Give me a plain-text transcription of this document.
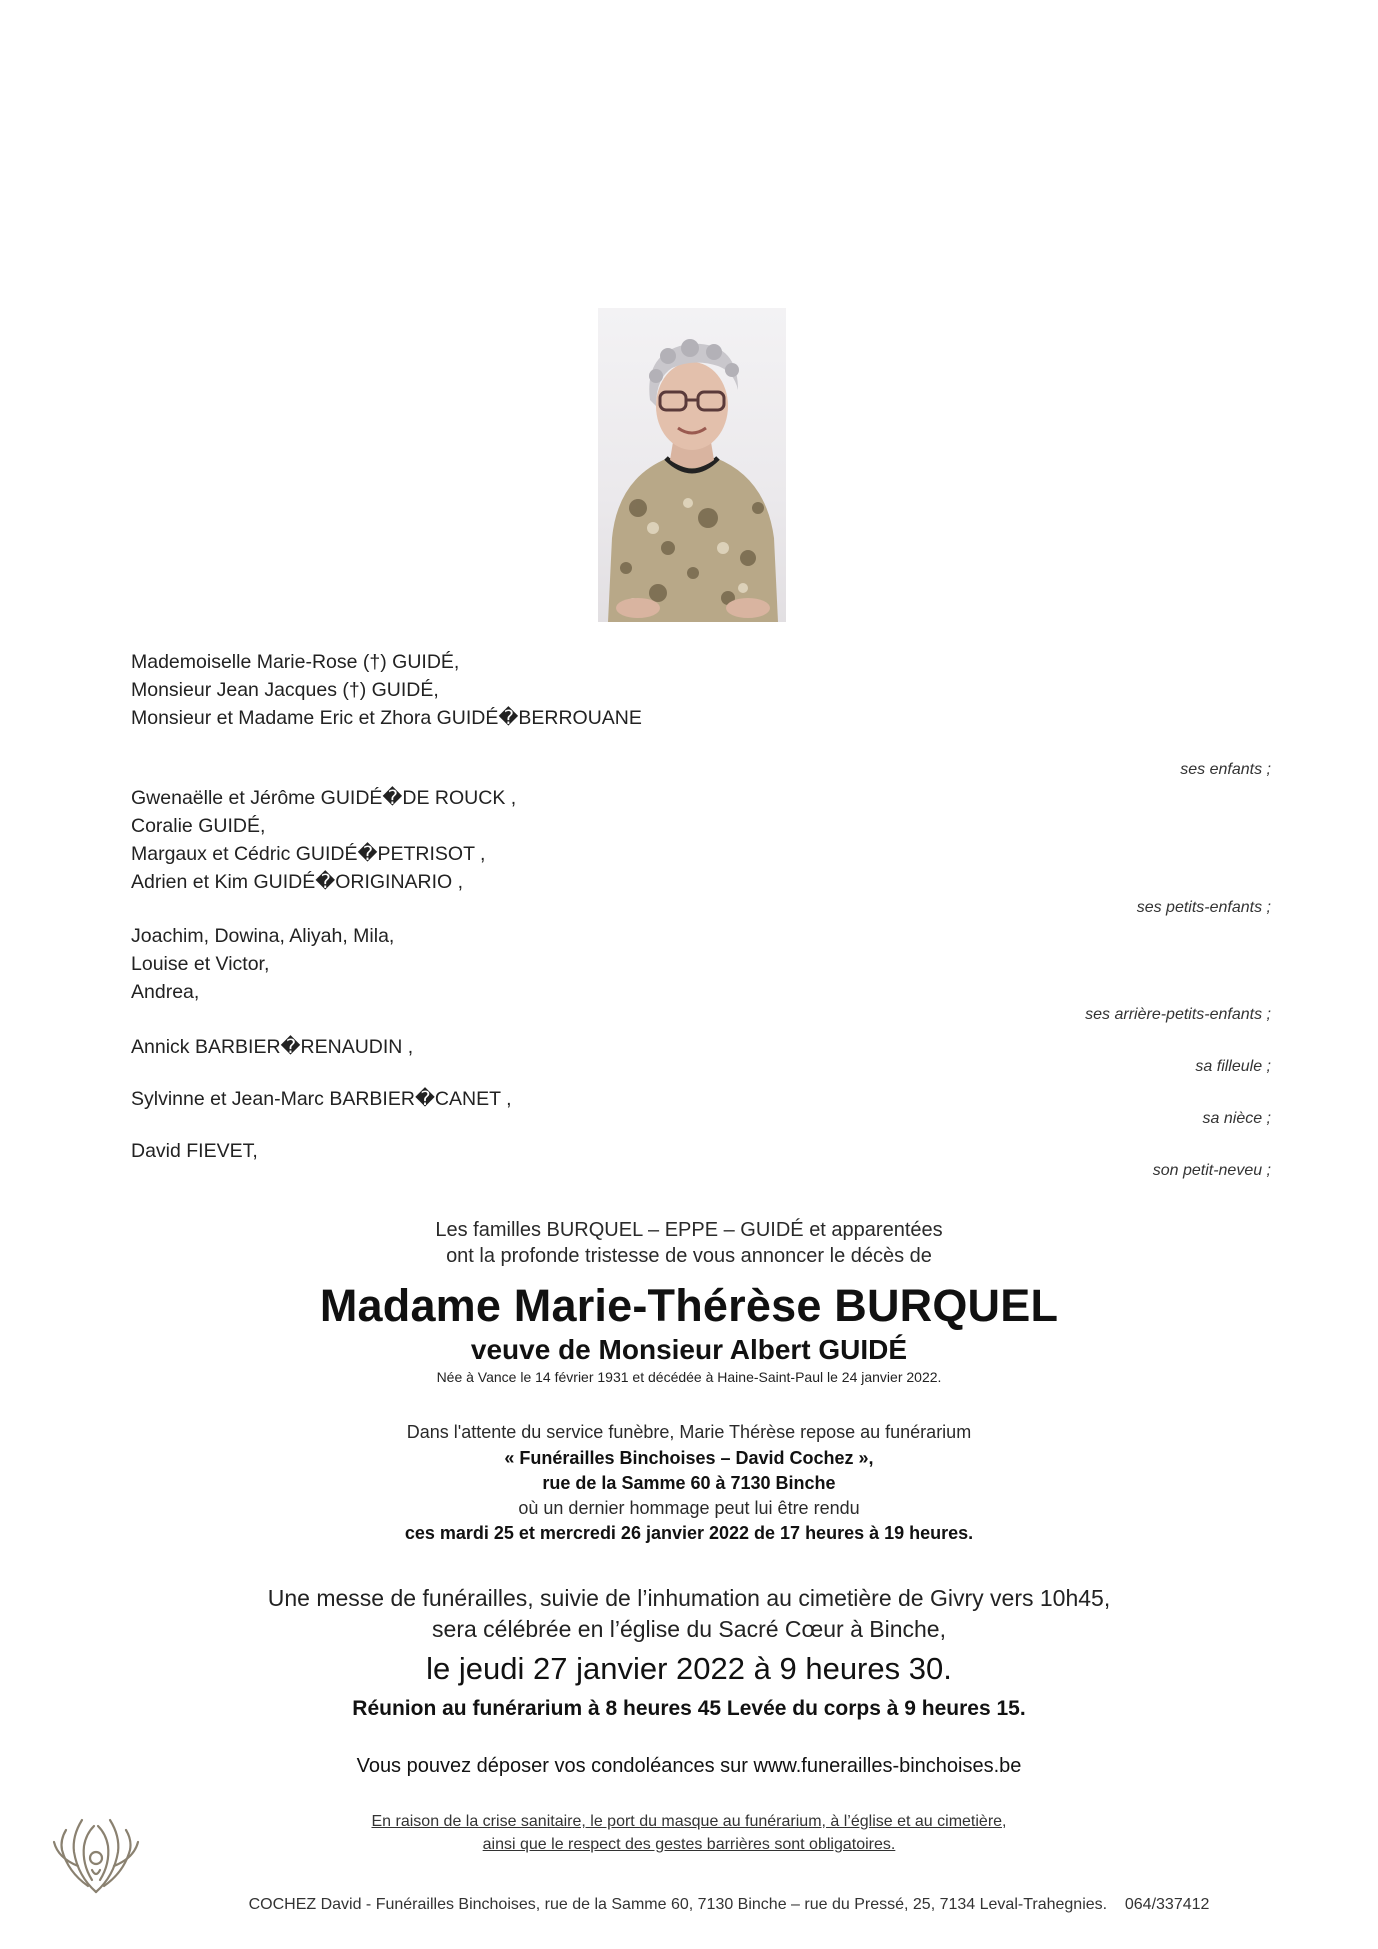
Mademoiselle Marie-Rose (†) GUIDÉ,
Monsieur Jean Jacques (†) GUIDÉ,
Monsieur et Madame Eric et Zhora GUIDÉ�BERROUANE
ses enfants ;
Gwenaëlle et Jérôme GUIDÉ�DE ROUCK ,
Coralie GUIDÉ,
Margaux et Cédric GUIDÉ�PETRISOT ,
Adrien et Kim GUIDÉ�ORIGINARIO ,
ses petits-enfants ;
Joachim, Dowina, Aliyah, Mila,
Louise et Victor,
Andrea,
ses arrière-petits-enfants ;
Annick BARBIER�RENAUDIN ,
sa filleule ;
Sylvinne et Jean-Marc BARBIER�CANET ,
sa nièce ;
David FIEVET,
son petit-neveu ;
Les familles BURQUEL – EPPE – GUIDÉ et apparentées
ont la profonde tristesse de vous annoncer le décès de
Madame Marie-Thérèse BURQUEL
veuve de Monsieur Albert GUIDÉ
Née à Vance le 14 février 1931 et décédée à Haine-Saint-Paul le 24 janvier 2022.
Dans l'attente du service funèbre, Marie Thérèse repose au funérarium
« Funérailles Binchoises – David Cochez »,
rue de la Samme 60 à 7130 Binche
où un dernier hommage peut lui être rendu
ces mardi 25 et mercredi 26 janvier 2022 de 17 heures à 19 heures.
Une messe de funérailles, suivie de l’inhumation au cimetière de Givry vers 10h45,
sera célébrée en l’église du Sacré Cœur à Binche,
le jeudi 27 janvier 2022 à 9 heures 30.
Réunion au funérarium à 8 heures 45 Levée du corps à 9 heures 15.
Vous pouvez déposer vos condoléances sur www.funerailles-binchoises.be
En raison de la crise sanitaire, le port du masque au funérarium, à l’église et au cimetière,
ainsi que le respect des gestes barrières sont obligatoires.
COCHEZ David - Funérailles Binchoises, rue de la Samme 60, 7130 Binche – rue du Pressé, 25, 7134 Leval-Trahegnies.    064/337412
